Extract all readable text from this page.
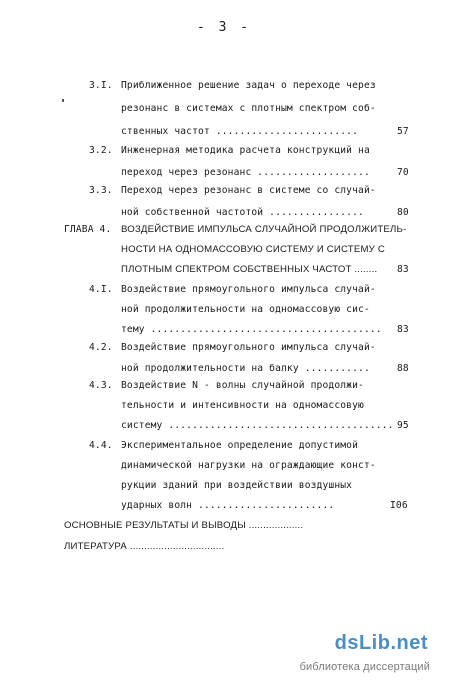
- 3 -
3.I. Приближенное решение задач о переходе через
резонанс в системах с плотным спектром соб-
ственных частот ........................	57
3.2. Инженерная методика расчета конструкций на
переход через резонанс ...................	70
3.3. Переход через резонанс в системе со случай-
ной собственной частотой ................	80
ГЛАВА 4. ВОЗДЕЙСТВИЕ ИМПУЛЬСА СЛУЧАЙНОЙ ПРОДОЛЖИТЕЛЬ-
НОСТИ НА ОДНОМАССОВУЮ СИСТЕМУ И СИСТЕМУ С
ПЛОТНЫМ СПЕКТРОМ СОБСТВЕННЫХ ЧАСТОТ ........ 83
4.I. Воздействие прямоугольного импульса случай-
ной продолжительности на одномассовую сис-
тему ....................................... 83
4.2. Воздействие прямоугольного импульса случай-
ной продолжительности на балку ...........	88
4.3. Воздействие N - волны случайной продолжи-
тельности и интенсивности на одномассовую
систему ...................................... 95
4.4. Экспериментальное определение допустимой
динамической нагрузки на ограждающие конст-
рукции зданий при воздействии воздушных
ударных волн .......................	I06
ОСНОВНЫЕ РЕЗУЛЬТАТЫ И ВЫВОДЫ ...................	II3
ЛИТЕРАТУРА .................................	II6
dsLib.net
библиотека диссертаций
